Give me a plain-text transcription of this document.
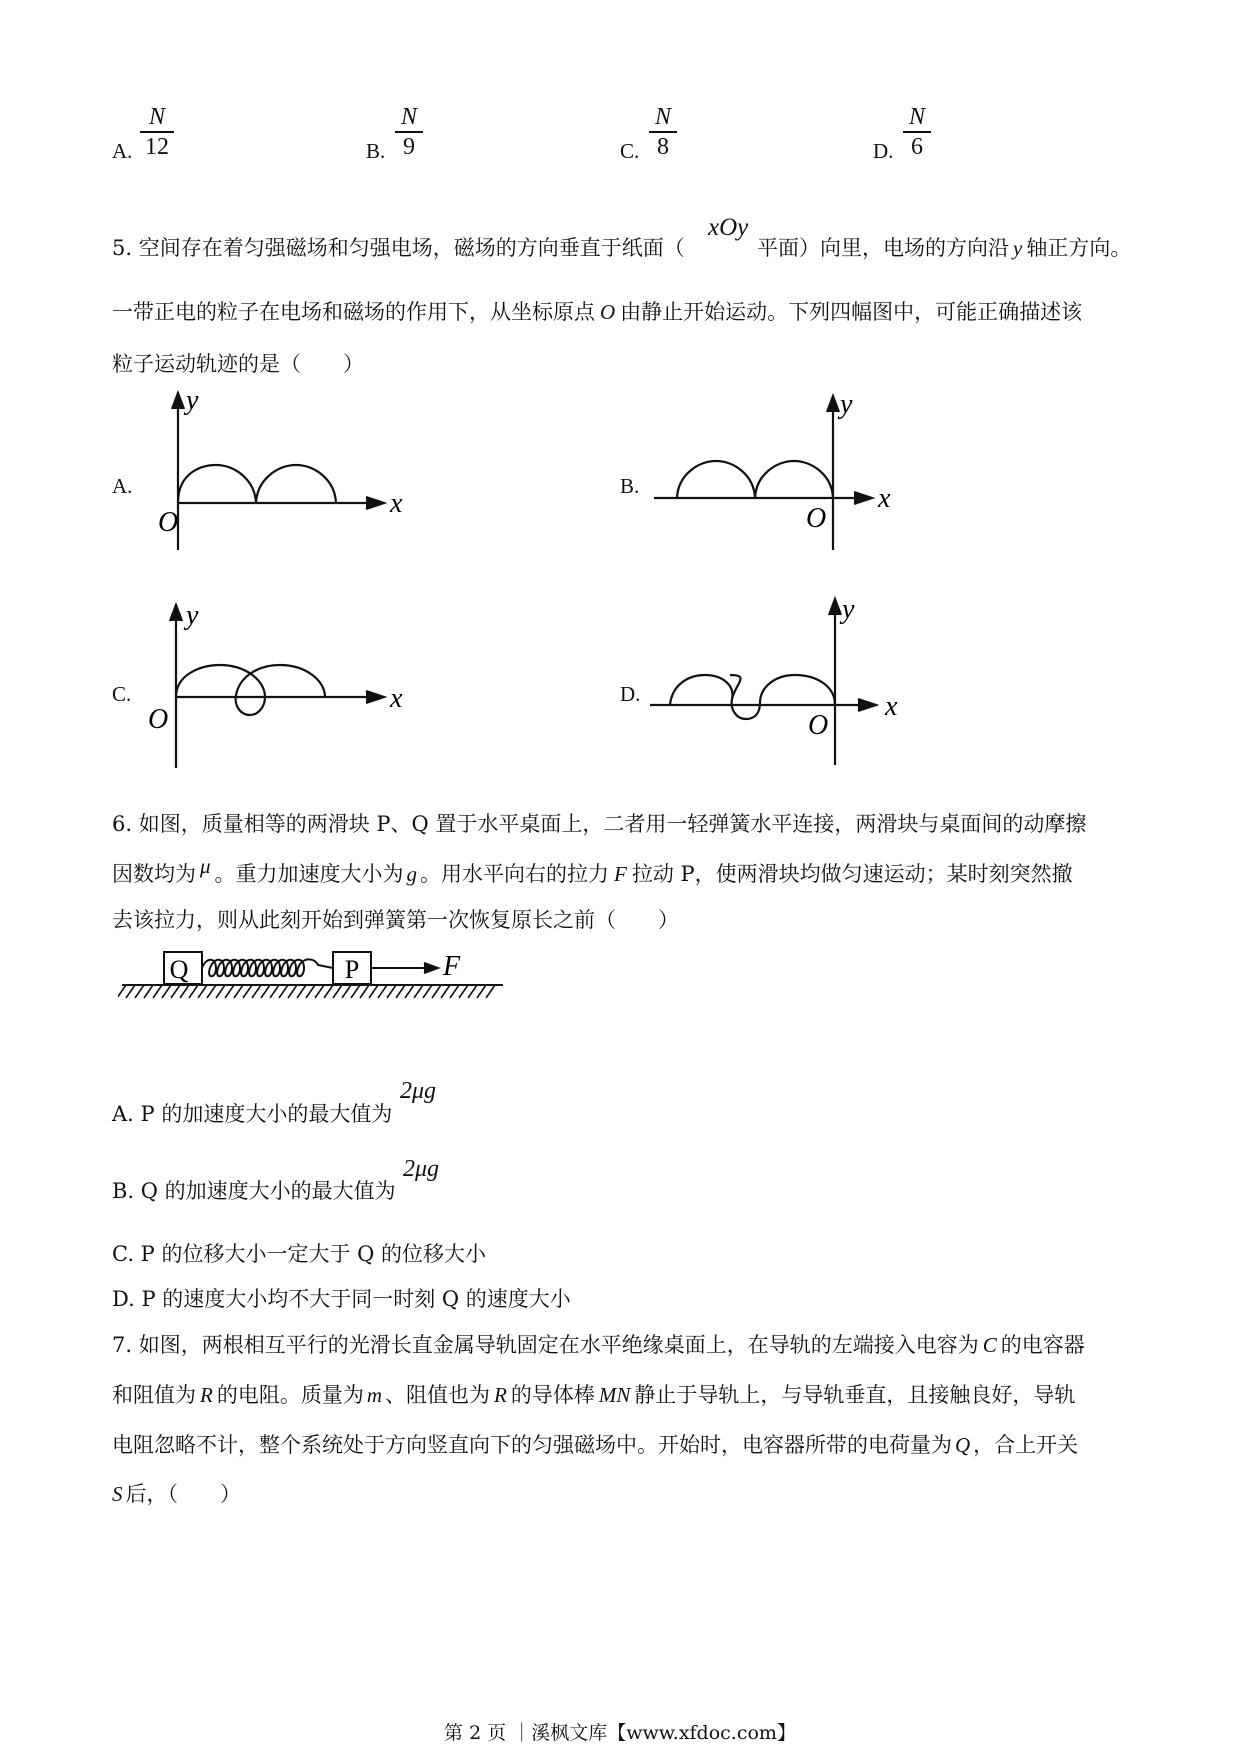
A.
N
12	B.
N
9	C.
N
8	D.
N
6
5. 空间存在着匀强磁场和匀强电场，磁场的方向垂直于纸面（
xOy
平面）向里，电场的方向沿 y 轴正方向。
一带正电的粒子在电场和磁场的作用下，从坐标原点 O 由静止开始运动。下列四幅图中，可能正确描述该
粒子运动轨迹的是（　　）
A.	B.
C.	D.
y
x
O
y
x
O
y
x
O
y
x
O
6. 如图，质量相等的两滑块 P、Q 置于水平桌面上，二者用一轻弹簧水平连接，两滑块与桌面间的动摩擦
因数均为 μ 。重力加速度大小为 g 。用水平向右的拉力 F 拉动 P，使两滑块均做匀速运动；某时刻突然撤
去该拉力，则从此刻开始到弹簧第一次恢复原长之前（　　）
Q	P	F
A. P 的加速度大小的最大值为
2μg
B. Q 的加速度大小的最大值为
2μg
C. P 的位移大小一定大于 Q 的位移大小
D. P 的速度大小均不大于同一时刻 Q 的速度大小
7. 如图，两根相互平行的光滑长直金属导轨固定在水平绝缘桌面上，在导轨的左端接入电容为 C 的电容器
和阻值为 R 的电阻。质量为 m 、阻值也为 R 的导体棒 MN 静止于导轨上，与导轨垂直，且接触良好，导轨
电阻忽略不计，整个系统处于方向竖直向下的匀强磁场中。开始时，电容器所带的电荷量为 Q ，合上开关
S 后，（　　）
第 2 页 ｜溪枫文库【www.xfdoc.com】
